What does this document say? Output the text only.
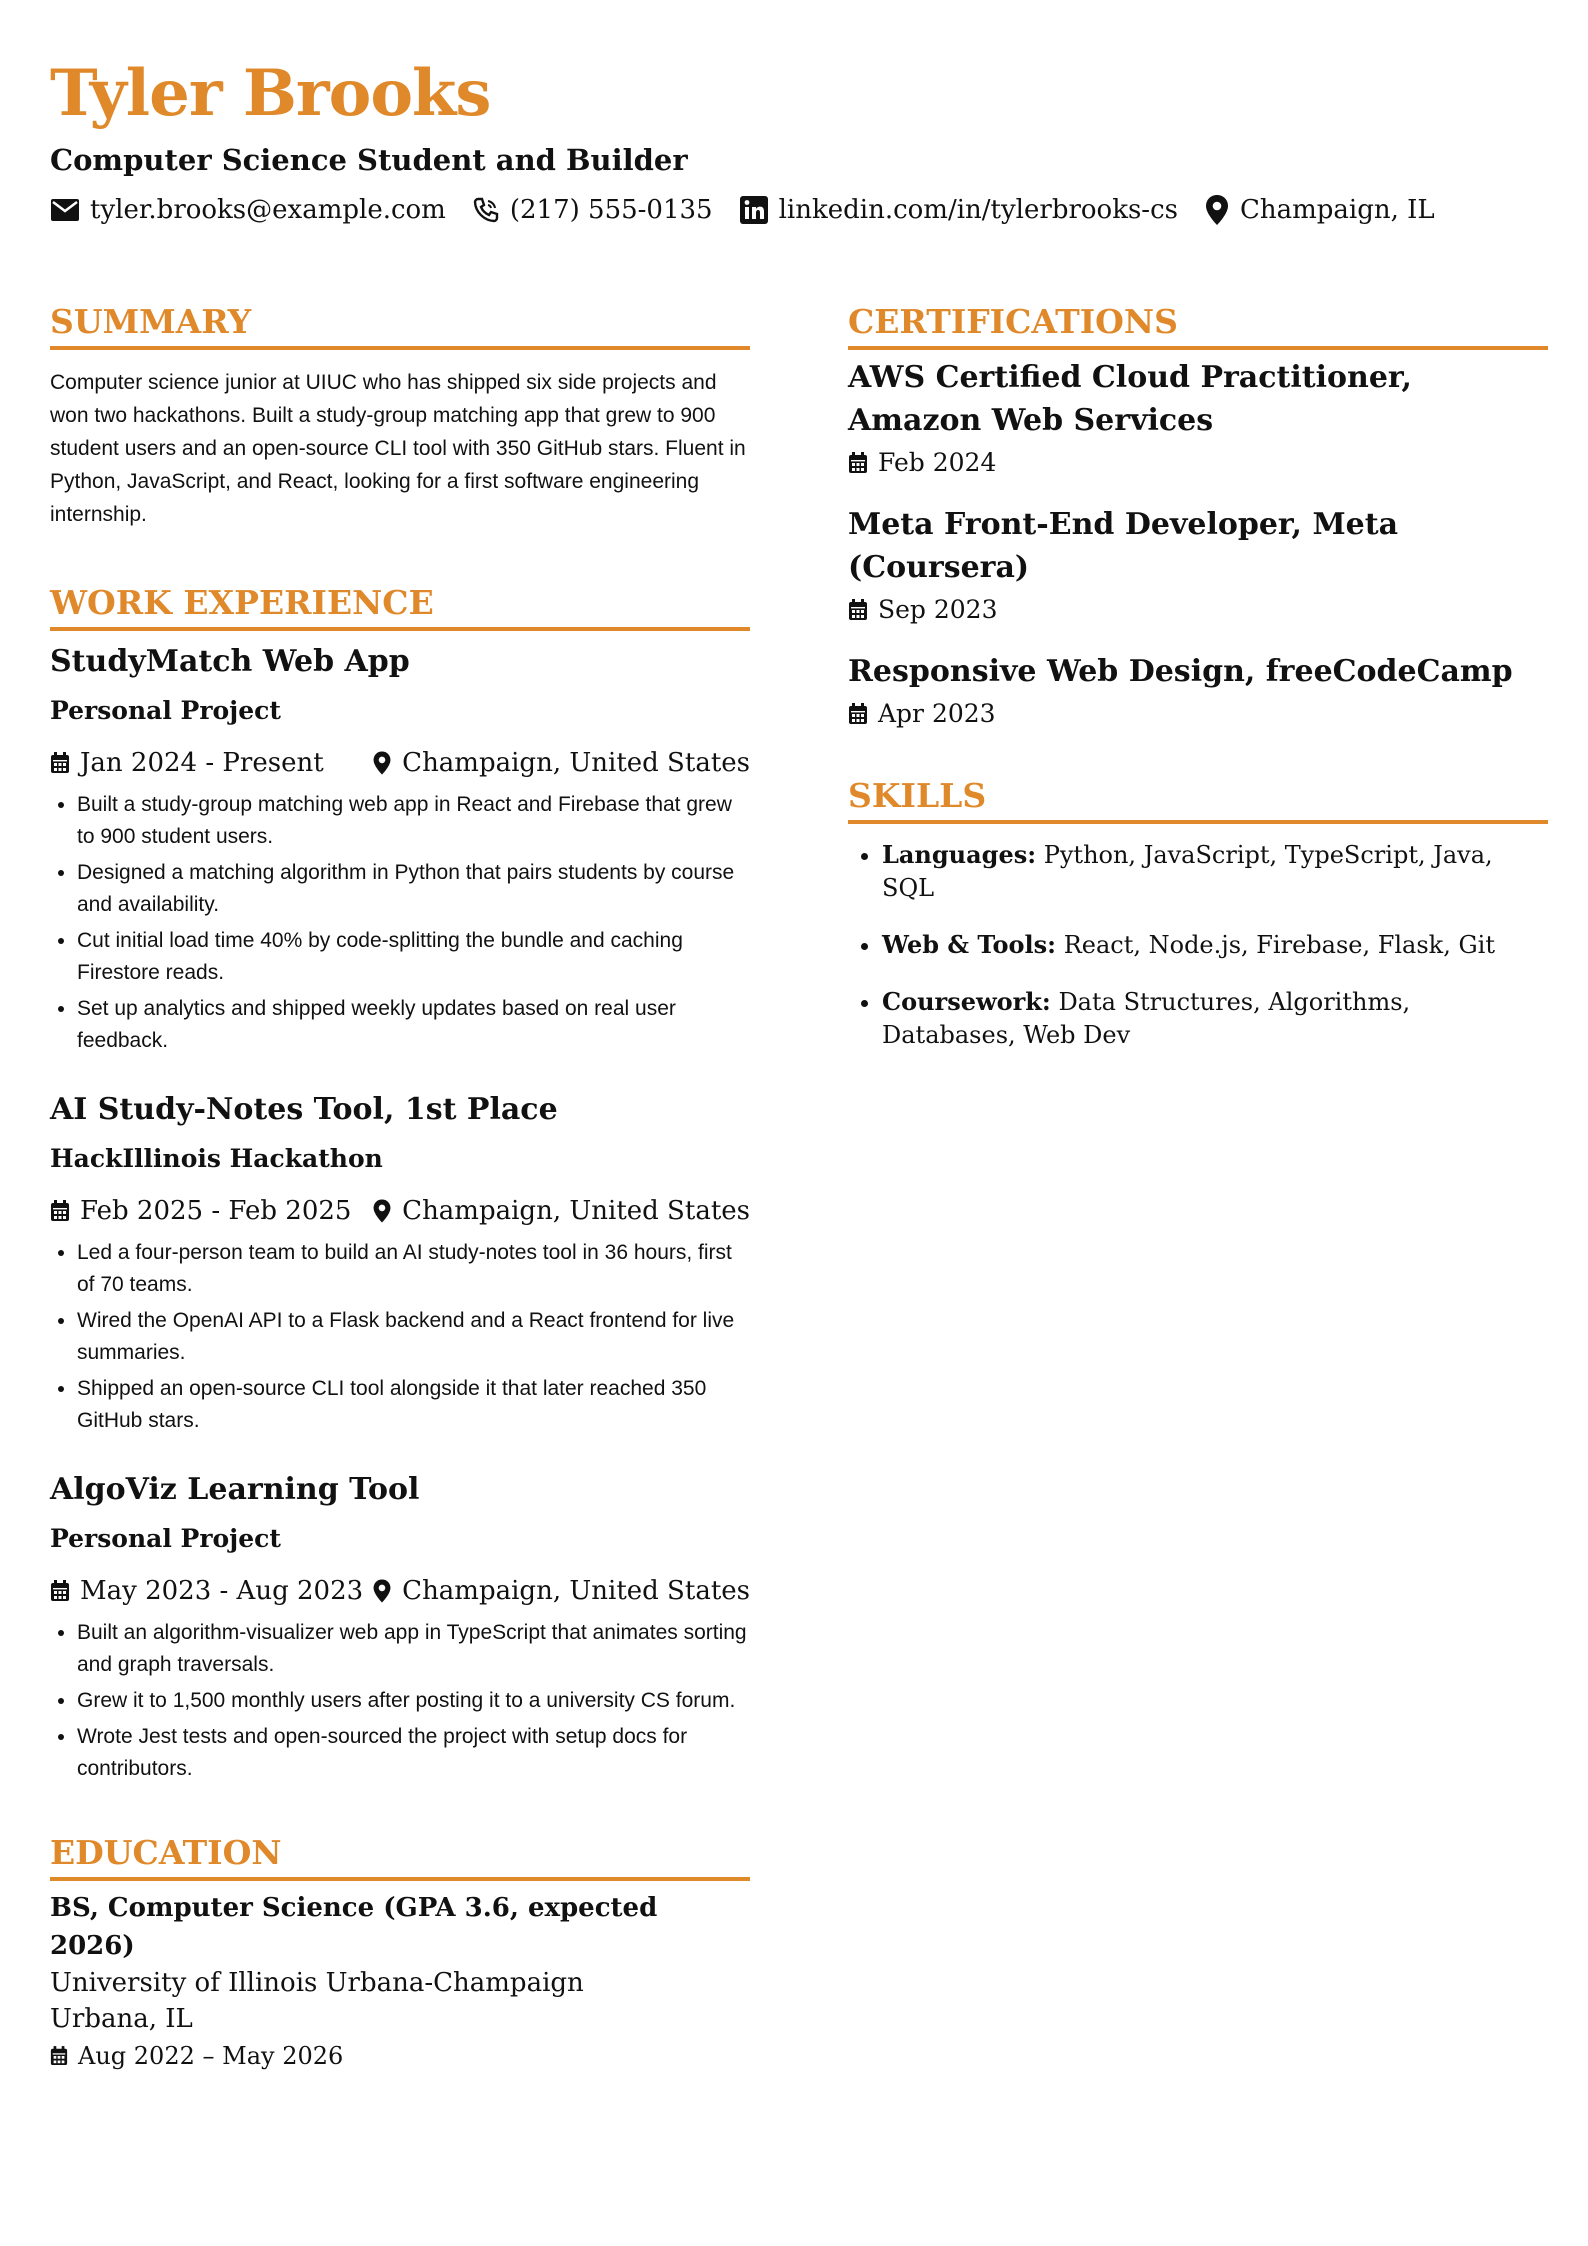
Tyler Brooks
Computer Science Student and Builder
tyler.brooks@example.com (217) 555-0135	linkedin.com/in/tylerbrooks-cs Champaign, IL
SUMMARY
Computer science junior at UIUC who has shipped six side projects and won two hackathons. Built a study-group matching app that grew to 900 student users and an open-source CLI tool with 350 GitHub stars. Fluent in Python, JavaScript, and React, looking for a first software engineering internship.
WORK EXPERIENCE
StudyMatch Web App
Personal Project
Jan 2024 - Present	Champaign, United States
• Built a study-group matching web app in React and Firebase that grew to 900 student users.
• Designed a matching algorithm in Python that pairs students by course and availability.
• Cut initial load time 40% by code-splitting the bundle and caching Firestore reads.
• Set up analytics and shipped weekly updates based on real user feedback.
AI Study-Notes Tool, 1st Place
HackIllinois Hackathon
Feb 2025 - Feb 2025 Champaign, United States
• Led a four-person team to build an AI study-notes tool in 36 hours, first of 70 teams.
• Wired the OpenAI API to a Flask backend and a React frontend for live summaries.
• Shipped an open-source CLI tool alongside it that later reached 350 GitHub stars.
AlgoViz Learning Tool
Personal Project
May 2023 - Aug 2023 Champaign, United States
• Built an algorithm-visualizer web app in TypeScript that animates sorting and graph traversals.
• Grew it to 1,500 monthly users after posting it to a university CS forum.
• Wrote Jest tests and open-sourced the project with setup docs for contributors.
EDUCATION
BS, Computer Science (GPA 3.6, expected 2026)
University of Illinois Urbana-Champaign
Urbana, IL
Aug 2022 – May 2026
CERTIFICATIONS
AWS Certified Cloud Practitioner, Amazon Web Services
Feb 2024
Meta Front-End Developer, Meta (Coursera)
Sep 2023
Responsive Web Design, freeCodeCamp
Apr 2023
SKILLS
• Languages: Python, JavaScript, TypeScript, Java, SQL
• Web & Tools: React, Node.js, Firebase, Flask, Git
• Coursework: Data Structures, Algorithms, Databases, Web Dev
